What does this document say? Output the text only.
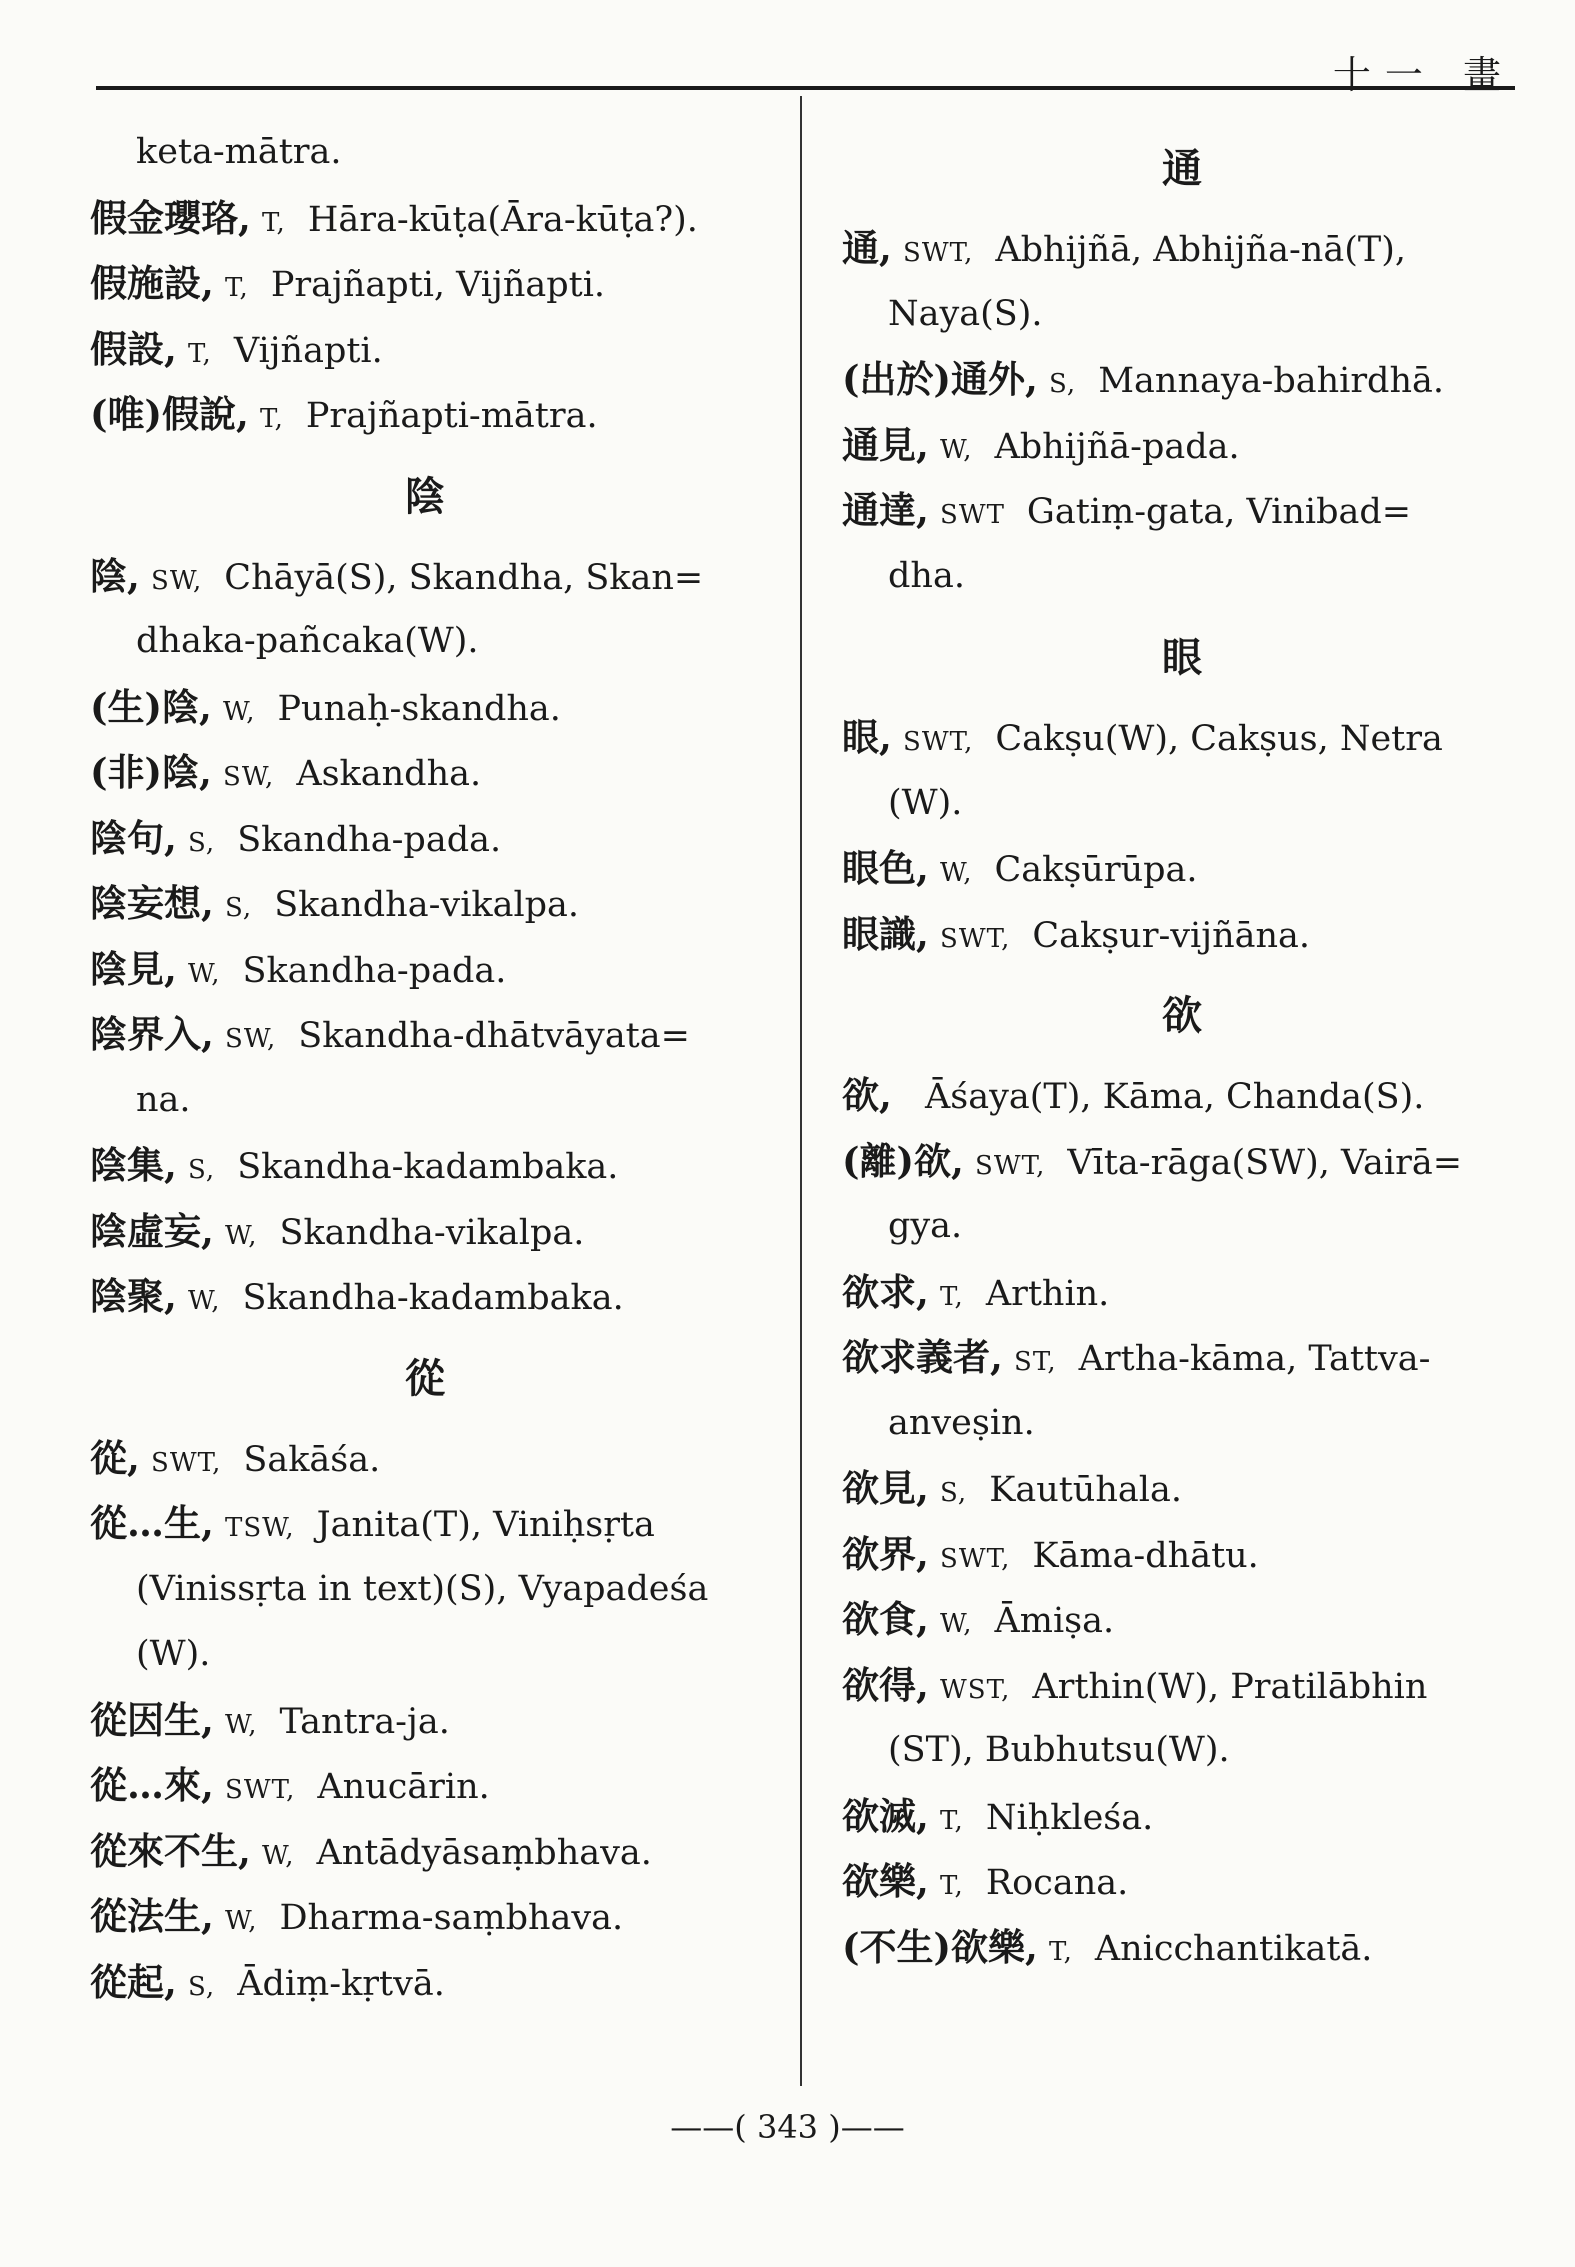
十一 畫
keta-mātra.
假金瓔珞, T, Hāra-kūṭa(Āra-kūṭa?).
假施設, T, Prajñapti, Vijñapti.
假設, T, Vijñapti.
(唯)假說, T, Prajñapti-mātra.
陰
陰, SW, Chāyā(S), Skandha, Skan=
dhaka-pañcaka(W).
(生)陰, W, Punaḥ-skandha.
(非)陰, SW, Askandha.
陰句, S, Skandha-pada.
陰妄想, S, Skandha-vikalpa.
陰見, W, Skandha-pada.
陰界入, SW, Skandha-dhātvāyata=
na.
陰集, S, Skandha-kadambaka.
陰虛妄, W, Skandha-vikalpa.
陰聚, W, Skandha-kadambaka.
從
從, SWT, Sakāśa.
從…生, TSW, Janita(T), Viniḥsṛta
(Vinissṛta in text)(S), Vyapadeśa
(W).
從因生, W, Tantra-ja.
從…來, SWT, Anucārin.
從來不生, W, Antādyāsaṃbhava.
從法生, W, Dharma-saṃbhava.
從起, S, Ādiṃ-kṛtvā.
通
通, SWT, Abhijñā, Abhijña-nā(T),
Naya(S).
(出於)通外, S, Mannaya-bahirdhā.
通見, W, Abhijñā-pada.
通達, SWT Gatiṃ-gata, Vinibad=
dha.
眼
眼, SWT, Cakṣu(W), Cakṣus, Netra
(W).
眼色, W, Cakṣūrūpa.
眼識, SWT, Cakṣur-vijñāna.
欲
欲, Āśaya(T), Kāma, Chanda(S).
(離)欲, SWT, Vīta-rāga(SW), Vairā=
gya.
欲求, T, Arthin.
欲求義者, ST, Artha-kāma, Tattva-
anveṣin.
欲見, S, Kautūhala.
欲界, SWT, Kāma-dhātu.
欲食, W, Āmiṣa.
欲得, WST, Arthin(W), Pratilābhin
(ST), Bubhutsu(W).
欲滅, T, Niḥkleśa.
欲樂, T, Rocana.
(不生)欲樂, T, Anicchantikatā.
——( 343 )——
